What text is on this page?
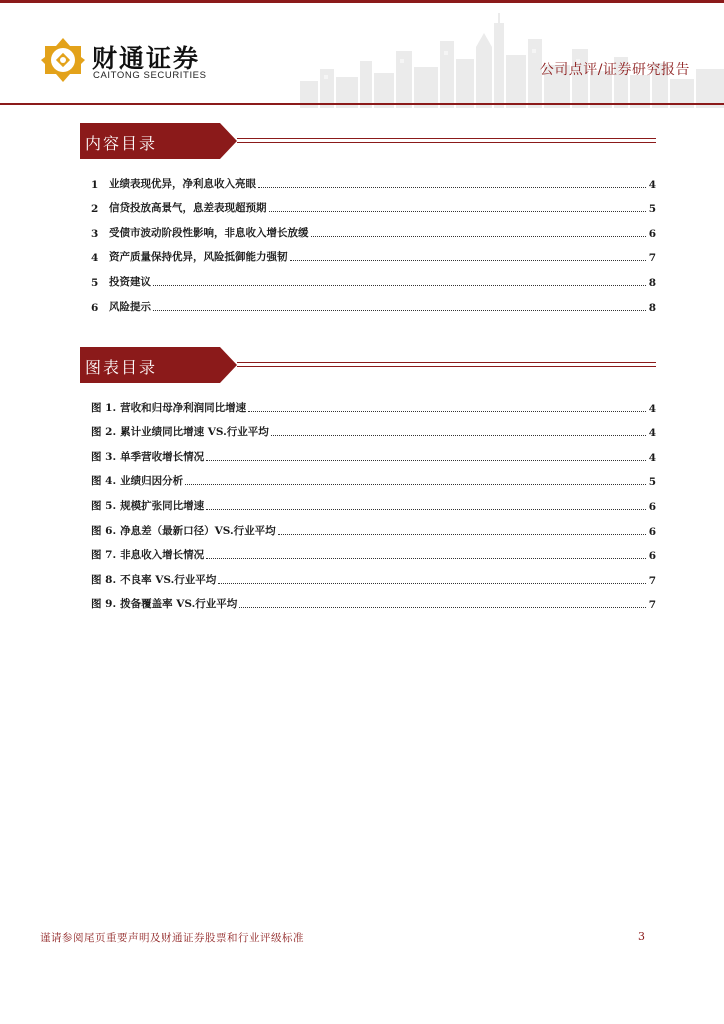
财通证券
CAITONG SECURITIES	公司点评/证券研究报告
内容目录
1	业绩表现优异，净利息收入亮眼	4
2	信贷投放高景气，息差表现超预期	5
3	受债市波动阶段性影响，非息收入增长放缓	6
4	资产质量保持优异，风险抵御能力强韧	7
5	投资建议	8
6	风险提示	8
图表目录
图 1. 营收和归母净利润同比增速	4
图 2. 累计业绩同比增速 VS.行业平均	4
图 3. 单季营收增长情况	4
图 4. 业绩归因分析	5
图 5. 规模扩张同比增速	6
图 6. 净息差（最新口径）VS.行业平均	6
图 7. 非息收入增长情况	6
图 8. 不良率 VS.行业平均	7
图 9. 拨备覆盖率 VS.行业平均	7
谨请参阅尾页重要声明及财通证券股票和行业评级标准	3
